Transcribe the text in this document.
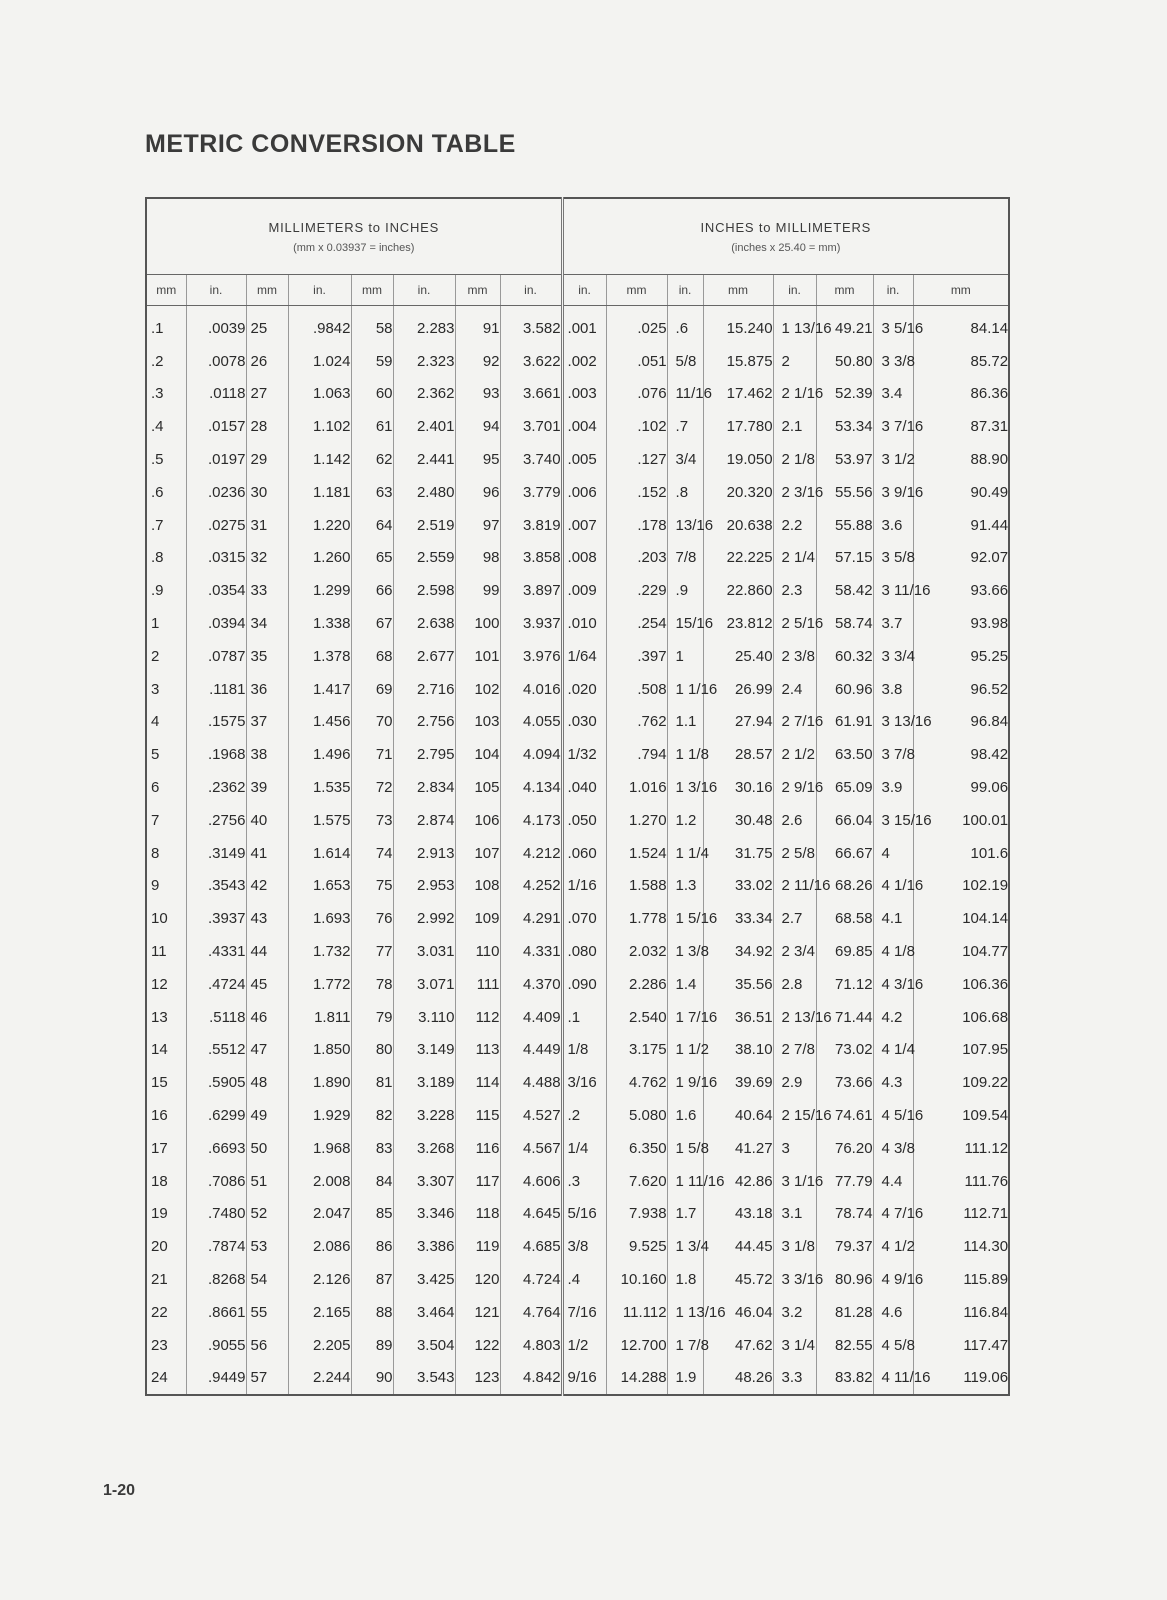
METRIC CONVERSION TABLE
MILLIMETERS to INCHES
(mm x 0.03937 = inches)								INCHES to MILLIMETERS
(inches x 25.40 = mm)							

mm	in.	mm	in.	mm	in.	mm	in.	in.	mm	in.	mm	in.	mm	in.	mm
.1	.0039	25	.9842	58	2.283	91	3.582	.001	.025	.6	15.240	1 13/16	49.21	3 5/16	84.14
.2	.0078	26	1.024	59	2.323	92	3.622	.002	.051	5/8	15.875	2	50.80	3 3/8	85.72
.3	.0118	27	1.063	60	2.362	93	3.661	.003	.076	11/16	17.462	2 1/16	52.39	3.4	86.36
.4	.0157	28	1.102	61	2.401	94	3.701	.004	.102	.7	17.780	2.1	53.34	3 7/16	87.31
.5	.0197	29	1.142	62	2.441	95	3.740	.005	.127	3/4	19.050	2 1/8	53.97	3 1/2	88.90
.6	.0236	30	1.181	63	2.480	96	3.779	.006	.152	.8	20.320	2 3/16	55.56	3 9/16	90.49
.7	.0275	31	1.220	64	2.519	97	3.819	.007	.178	13/16	20.638	2.2	55.88	3.6	91.44
.8	.0315	32	1.260	65	2.559	98	3.858	.008	.203	7/8	22.225	2 1/4	57.15	3 5/8	92.07
.9	.0354	33	1.299	66	2.598	99	3.897	.009	.229	.9	22.860	2.3	58.42	3 11/16	93.66
1	.0394	34	1.338	67	2.638	100	3.937	.010	.254	15/16	23.812	2 5/16	58.74	3.7	93.98
2	.0787	35	1.378	68	2.677	101	3.976	1/64	.397	1	25.40	2 3/8	60.32	3 3/4	95.25
3	.1181	36	1.417	69	2.716	102	4.016	.020	.508	1 1/16	26.99	2.4	60.96	3.8	96.52
4	.1575	37	1.456	70	2.756	103	4.055	.030	.762	1.1	27.94	2 7/16	61.91	3 13/16	96.84
5	.1968	38	1.496	71	2.795	104	4.094	1/32	.794	1 1/8	28.57	2 1/2	63.50	3 7/8	98.42
6	.2362	39	1.535	72	2.834	105	4.134	.040	1.016	1 3/16	30.16	2 9/16	65.09	3.9	99.06
7	.2756	40	1.575	73	2.874	106	4.173	.050	1.270	1.2	30.48	2.6	66.04	3 15/16	100.01
8	.3149	41	1.614	74	2.913	107	4.212	.060	1.524	1 1/4	31.75	2 5/8	66.67	4	101.6
9	.3543	42	1.653	75	2.953	108	4.252	1/16	1.588	1.3	33.02	2 11/16	68.26	4 1/16	102.19
10	.3937	43	1.693	76	2.992	109	4.291	.070	1.778	1 5/16	33.34	2.7	68.58	4.1	104.14
11	.4331	44	1.732	77	3.031	110	4.331	.080	2.032	1 3/8	34.92	2 3/4	69.85	4 1/8	104.77
12	.4724	45	1.772	78	3.071	111	4.370	.090	2.286	1.4	35.56	2.8	71.12	4 3/16	106.36
13	.5118	46	1.811	79	3.110	112	4.409	.1	2.540	1 7/16	36.51	2 13/16	71.44	4.2	106.68
14	.5512	47	1.850	80	3.149	113	4.449	1/8	3.175	1 1/2	38.10	2 7/8	73.02	4 1/4	107.95
15	.5905	48	1.890	81	3.189	114	4.488	3/16	4.762	1 9/16	39.69	2.9	73.66	4.3	109.22
16	.6299	49	1.929	82	3.228	115	4.527	.2	5.080	1.6	40.64	2 15/16	74.61	4 5/16	109.54
17	.6693	50	1.968	83	3.268	116	4.567	1/4	6.350	1 5/8	41.27	3	76.20	4 3/8	111.12
18	.7086	51	2.008	84	3.307	117	4.606	.3	7.620	1 11/16	42.86	3 1/16	77.79	4.4	111.76
19	.7480	52	2.047	85	3.346	118	4.645	5/16	7.938	1.7	43.18	3.1	78.74	4 7/16	112.71
20	.7874	53	2.086	86	3.386	119	4.685	3/8	9.525	1 3/4	44.45	3 1/8	79.37	4 1/2	114.30
21	.8268	54	2.126	87	3.425	120	4.724	.4	10.160	1.8	45.72	3 3/16	80.96	4 9/16	115.89
22	.8661	55	2.165	88	3.464	121	4.764	7/16	11.112	1 13/16	46.04	3.2	81.28	4.6	116.84
23	.9055	56	2.205	89	3.504	122	4.803	1/2	12.700	1 7/8	47.62	3 1/4	82.55	4 5/8	117.47
24	.9449	57	2.244	90	3.543	123	4.842	9/16	14.288	1.9	48.26	3.3	83.82	4 11/16	119.06
1-20
